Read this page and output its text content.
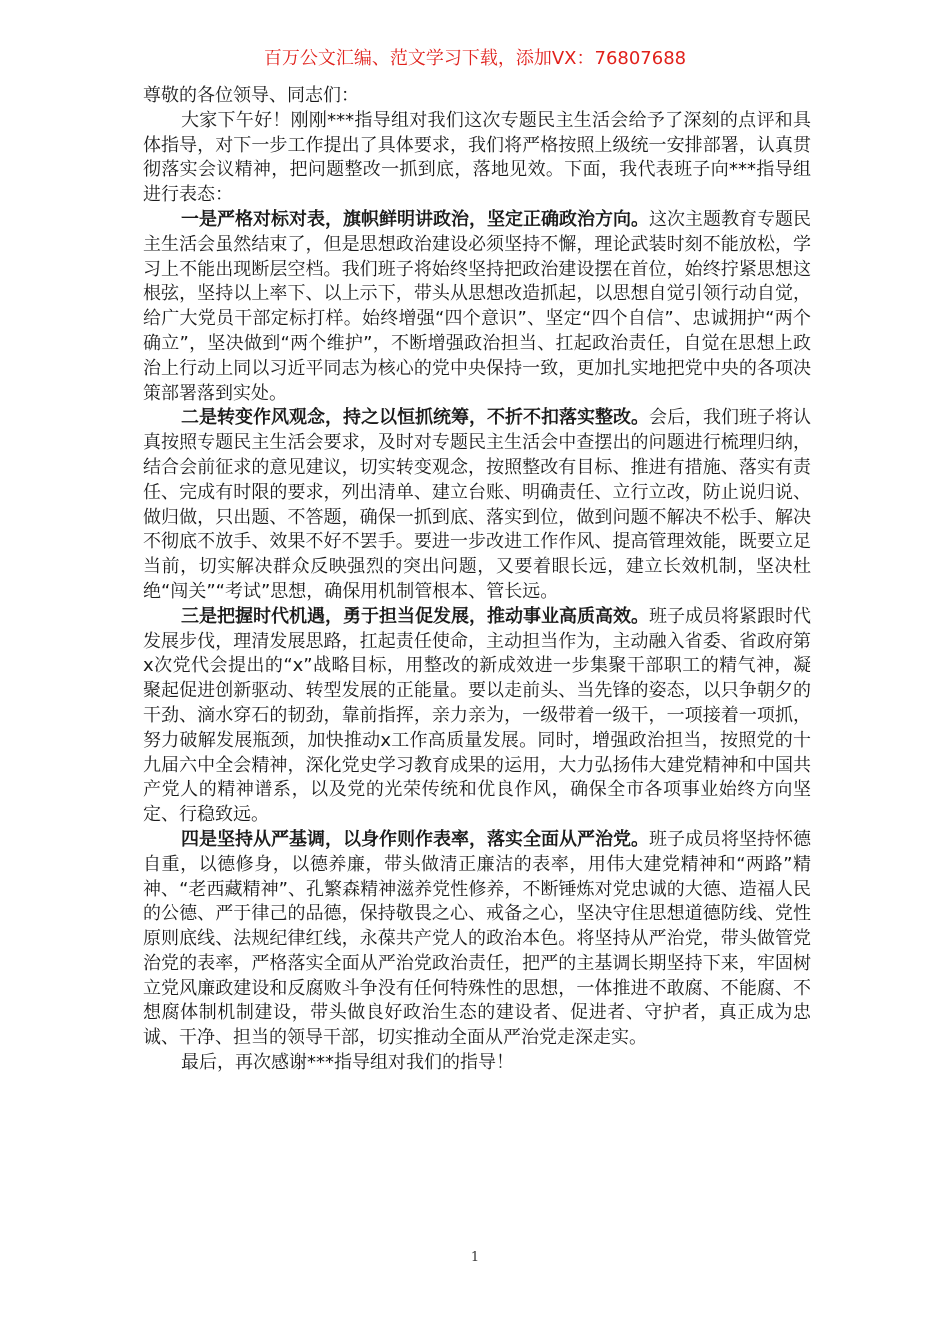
百万公文汇编、范文学习下载，添加VX：76807688

尊敬的各位领导、同志们：

大家下午好！刚刚***指导组对我们这次专题民主生活会给予了深刻的点评和具体指导，对下一步工作提出了具体要求，我们将严格按照上级统一安排部署，认真贯彻落实会议精神，把问题整改一抓到底，落地见效。下面，我代表班子向***指导组进行表态：

一是严格对标对表，旗帜鲜明讲政治，坚定正确政治方向。这次主题教育专题民主生活会虽然结束了，但是思想政治建设必须坚持不懈，理论武装时刻不能放松，学习上不能出现断层空档。我们班子将始终坚持把政治建设摆在首位，始终拧紧思想这根弦，坚持以上率下、以上示下，带头从思想改造抓起，以思想自觉引领行动自觉，给广大党员干部定标打样。始终增强“四个意识”、坚定“四个自信”、忠诚拥护“两个确立”，坚决做到“两个维护”，不断增强政治担当、扛起政治责任，自觉在思想上政治上行动上同以习近平同志为核心的党中央保持一致，更加扎实地把党中央的各项决策部署落到实处。

二是转变作风观念，持之以恒抓统筹，不折不扣落实整改。会后，我们班子将认真按照专题民主生活会要求，及时对专题民主生活会中查摆出的问题进行梳理归纳，结合会前征求的意见建议，切实转变观念，按照整改有目标、推进有措施、落实有责任、完成有时限的要求，列出清单、建立台账、明确责任、立行立改，防止说归说、做归做，只出题、不答题，确保一抓到底、落实到位，做到问题不解决不松手、解决不彻底不放手、效果不好不罢手。要进一步改进工作作风、提高管理效能，既要立足当前，切实解决群众反映强烈的突出问题，又要着眼长远，建立长效机制，坚决杜绝“闯关”“考试”思想，确保用机制管根本、管长远。

三是把握时代机遇，勇于担当促发展，推动事业高质高效。班子成员将紧跟时代发展步伐，理清发展思路，扛起责任使命，主动担当作为，主动融入省委、省政府第x次党代会提出的“x”战略目标，用整改的新成效进一步集聚干部职工的精气神，凝聚起促进创新驱动、转型发展的正能量。要以走前头、当先锋的姿态，以只争朝夕的干劲、滴水穿石的韧劲，靠前指挥，亲力亲为，一级带着一级干，一项接着一项抓，努力破解发展瓶颈，加快推动x工作高质量发展。同时，增强政治担当，按照党的十九届六中全会精神，深化党史学习教育成果的运用，大力弘扬伟大建党精神和中国共产党人的精神谱系，以及党的光荣传统和优良作风，确保全市各项事业始终方向坚定、行稳致远。

四是坚持从严基调，以身作则作表率，落实全面从严治党。班子成员将坚持怀德自重，以德修身，以德养廉，带头做清正廉洁的表率，用伟大建党精神和“两路”精神、“老西藏精神”、孔繁森精神滋养党性修养，不断锤炼对党忠诚的大德、造福人民的公德、严于律己的品德，保持敬畏之心、戒备之心，坚决守住思想道德防线、党性原则底线、法规纪律红线，永葆共产党人的政治本色。将坚持从严治党，带头做管党治党的表率，严格落实全面从严治党政治责任，把严的主基调长期坚持下来，牢固树立党风廉政建设和反腐败斗争没有任何特殊性的思想，一体推进不敢腐、不能腐、不想腐体制机制建设，带头做良好政治生态的建设者、促进者、守护者，真正成为忠诚、干净、担当的领导干部，切实推动全面从严治党走深走实。

最后，再次感谢***指导组对我们的指导！

1
